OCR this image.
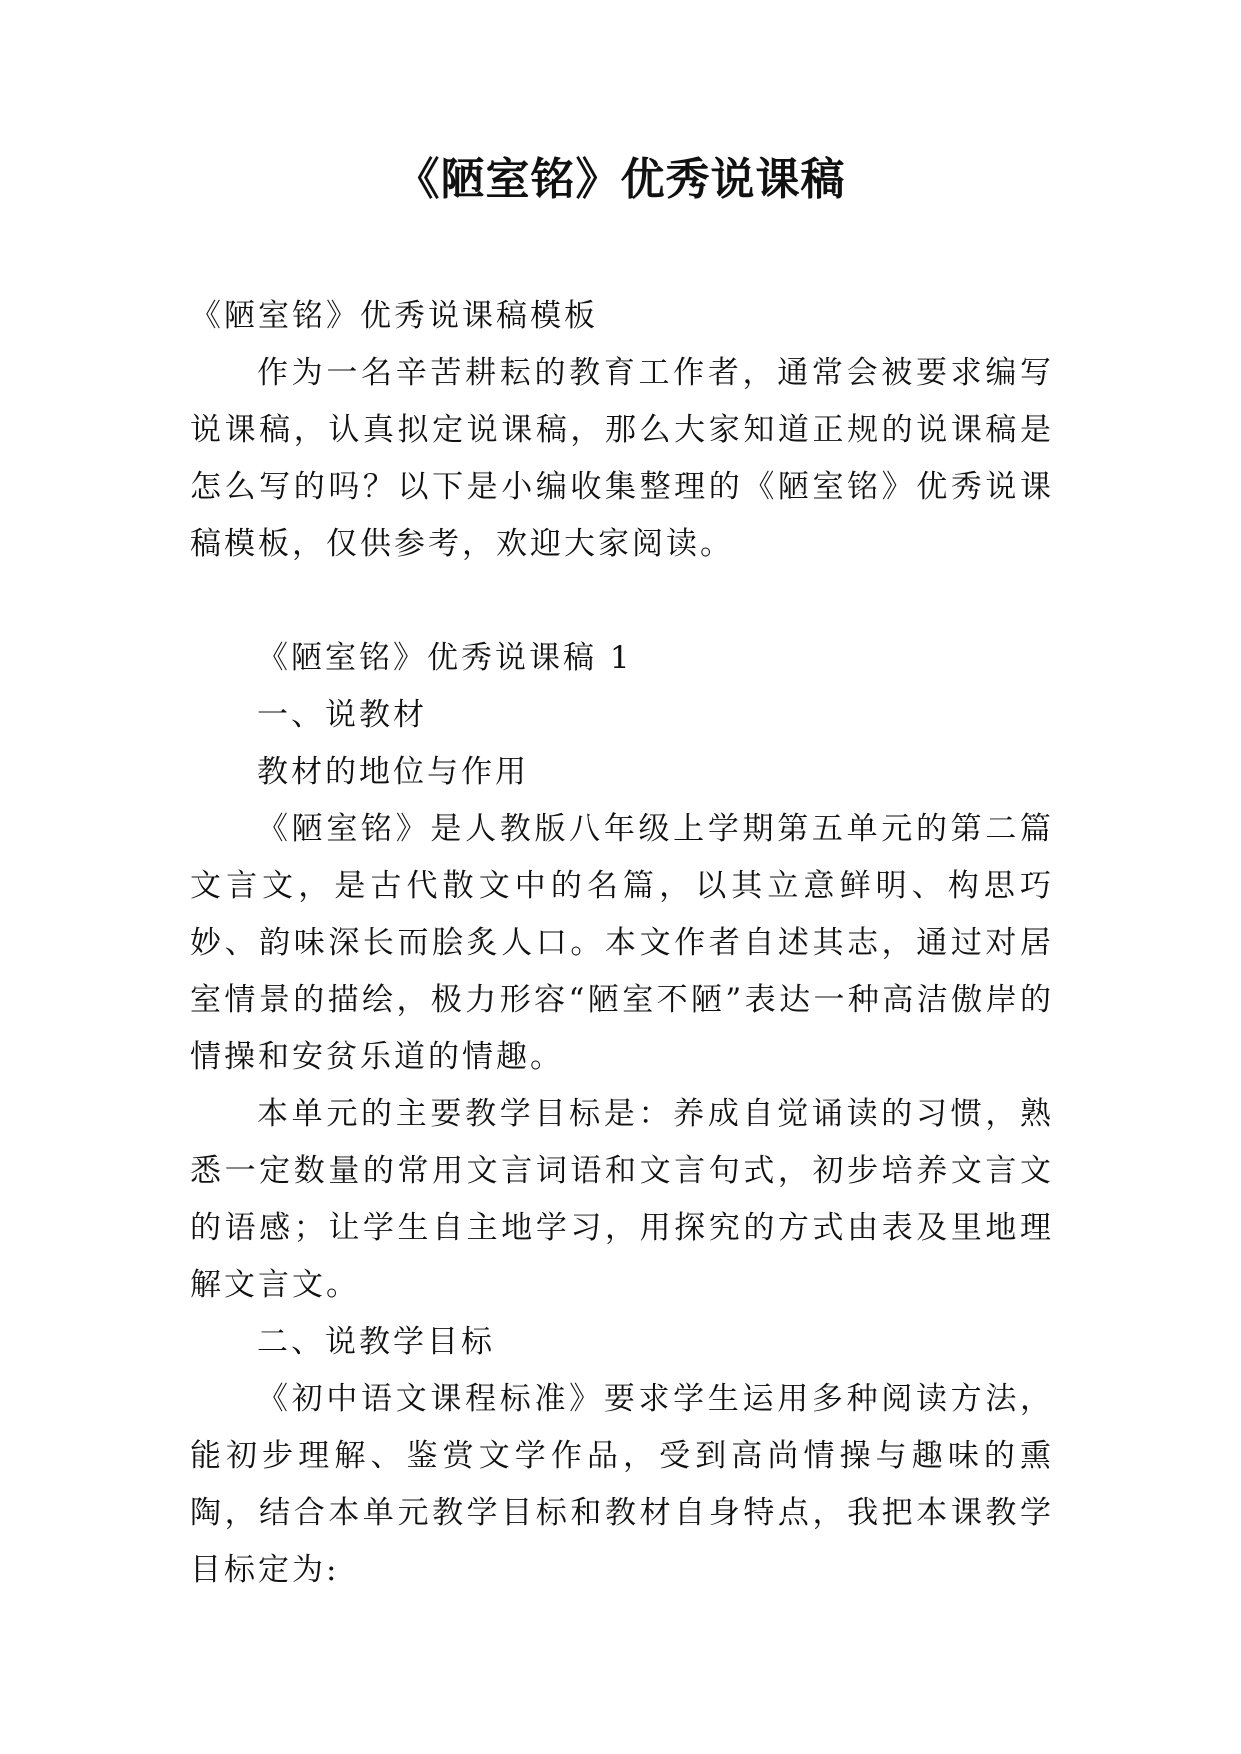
《陋室铭》优秀说课稿

《陋室铭》优秀说课稿模板

作为一名辛苦耕耘的教育工作者，通常会被要求编写说课稿，认真拟定说课稿，那么大家知道正规的说课稿是怎么写的吗？以下是小编收集整理的《陋室铭》优秀说课稿模板，仅供参考，欢迎大家阅读。

《陋室铭》优秀说课稿 1

一、说教材

教材的地位与作用

《陋室铭》是人教版八年级上学期第五单元的第二篇文言文，是古代散文中的名篇，以其立意鲜明、构思巧妙、韵味深长而脍炙人口。本文作者自述其志，通过对居室情景的描绘，极力形容“陋室不陋”表达一种高洁傲岸的情操和安贫乐道的情趣。

本单元的主要教学目标是：养成自觉诵读的习惯，熟悉一定数量的常用文言词语和文言句式，初步培养文言文的语感；让学生自主地学习，用探究的方式由表及里地理解文言文。

二、说教学目标

《初中语文课程标准》要求学生运用多种阅读方法，能初步理解、鉴赏文学作品，受到高尚情操与趣味的熏陶，结合本单元教学目标和教材自身特点，我把本课教学目标定为:
